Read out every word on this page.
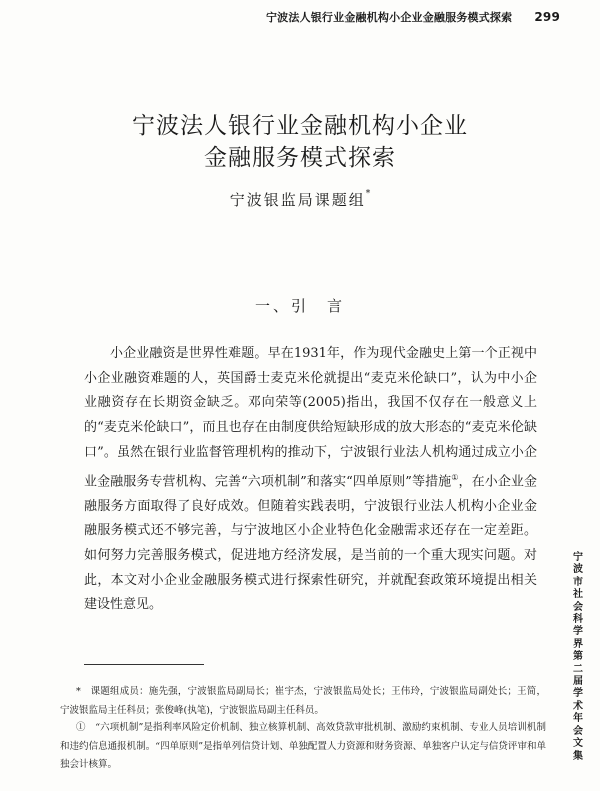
宁波法人银行业金融机构小企业金融服务模式探索 299
宁波法人银行业金融机构小企业
金融服务模式探索
宁波银监局课题组*
一、引　言

小企业融资是世界性难题。早在1931年，作为现代金融史上第一个正视中小企业融资难题的人，英国爵士麦克米伦就提出“麦克米伦缺口”，认为中小企业融资存在长期资金缺乏。邓向荣等(2005)指出，我国不仅存在一般意义上的“麦克米伦缺口”，而且也存在由制度供给短缺形成的放大形态的“麦克米伦缺口”。虽然在银行业监督管理机构的推动下，宁波银行业法人机构通过成立小企业金融服务专营机构、完善“六项机制”和落实“四单原则”等措施①，在小企业金融服务方面取得了良好成效。但随着实践表明，宁波银行业法人机构小企业金融服务模式还不够完善，与宁波地区小企业特色化金融需求还存在一定差距。如何努力完善服务模式，促进地方经济发展，是当前的一个重大现实问题。对此，本文对小企业金融服务模式进行探索性研究，并就配套政策环境提出相关建设性意见。

*　 课题组成员：施先强，宁波银监局副局长；崔宇杰，宁波银监局处长；王伟玲，宁波银监局副处长；王简，宁波银监局主任科员；张俊峰(执笔)，宁波银监局副主任科员。

①　 “六项机制”是指利率风险定价机制、独立核算机制、高效贷款审批机制、激励约束机制、专业人员培训机制和违约信息通报机制。“四单原则”是指单列信贷计划、单独配置人力资源和财务资源、单独客户认定与信贷评审和单独会计核算。

宁波市社会科学界第二届学术年会文集
